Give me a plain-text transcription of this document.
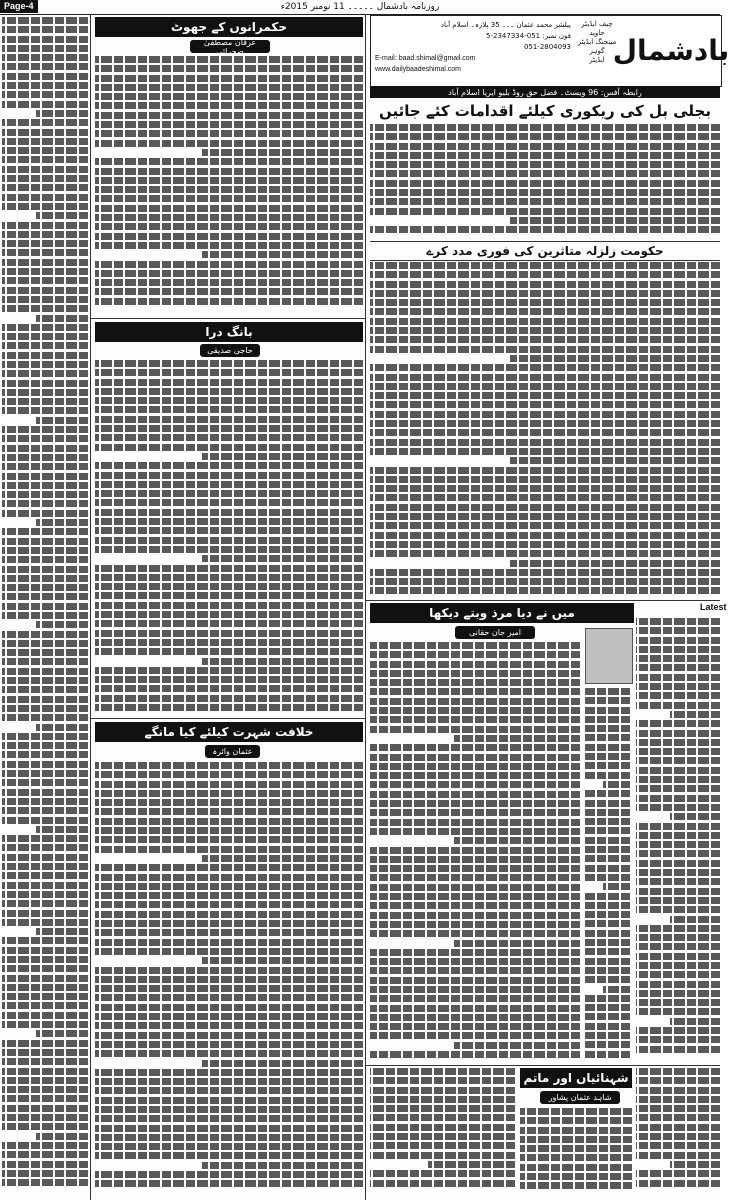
روزنامہ بادشمال ۔۔۔۔۔ 11 نومبر 2015ء
Page-4
بادشمال
چیف ایڈیٹر
جاوید
مینجنگ ایڈیٹر
گوہر
ایڈیٹر
پبلشر محمد عثمان ۔۔۔ 35 پلازہ۔ اسلام آباد
فون نمبر: 051-2347334-5
051-2804093
E-mail: baad.shimal@gmail.com
www.dailybaadeshimal.com
رابطہ آفس: 96 ویسٹ۔ فضل حق روڈ بلیو ایریا اسلام آباد
بجلی بل کی ریکوری کیلئے اقدامات کئے جائیں
حکومت زلزلہ متاثرین کی فوری مدد کرے
حکمرانوں کے جھوٹ
عرفان مصطفیٰ صحرائی
بانگ درا
حاجی صدیقی
خلافت شہرت کیلئے کیا مانگے
عثمان وائرہ
میں نے دیا مرذ وبتے دیکھا	Latest
امیر جان حقانی
شہنائیاں اور ماتم
شاہد عثمان پشاور
